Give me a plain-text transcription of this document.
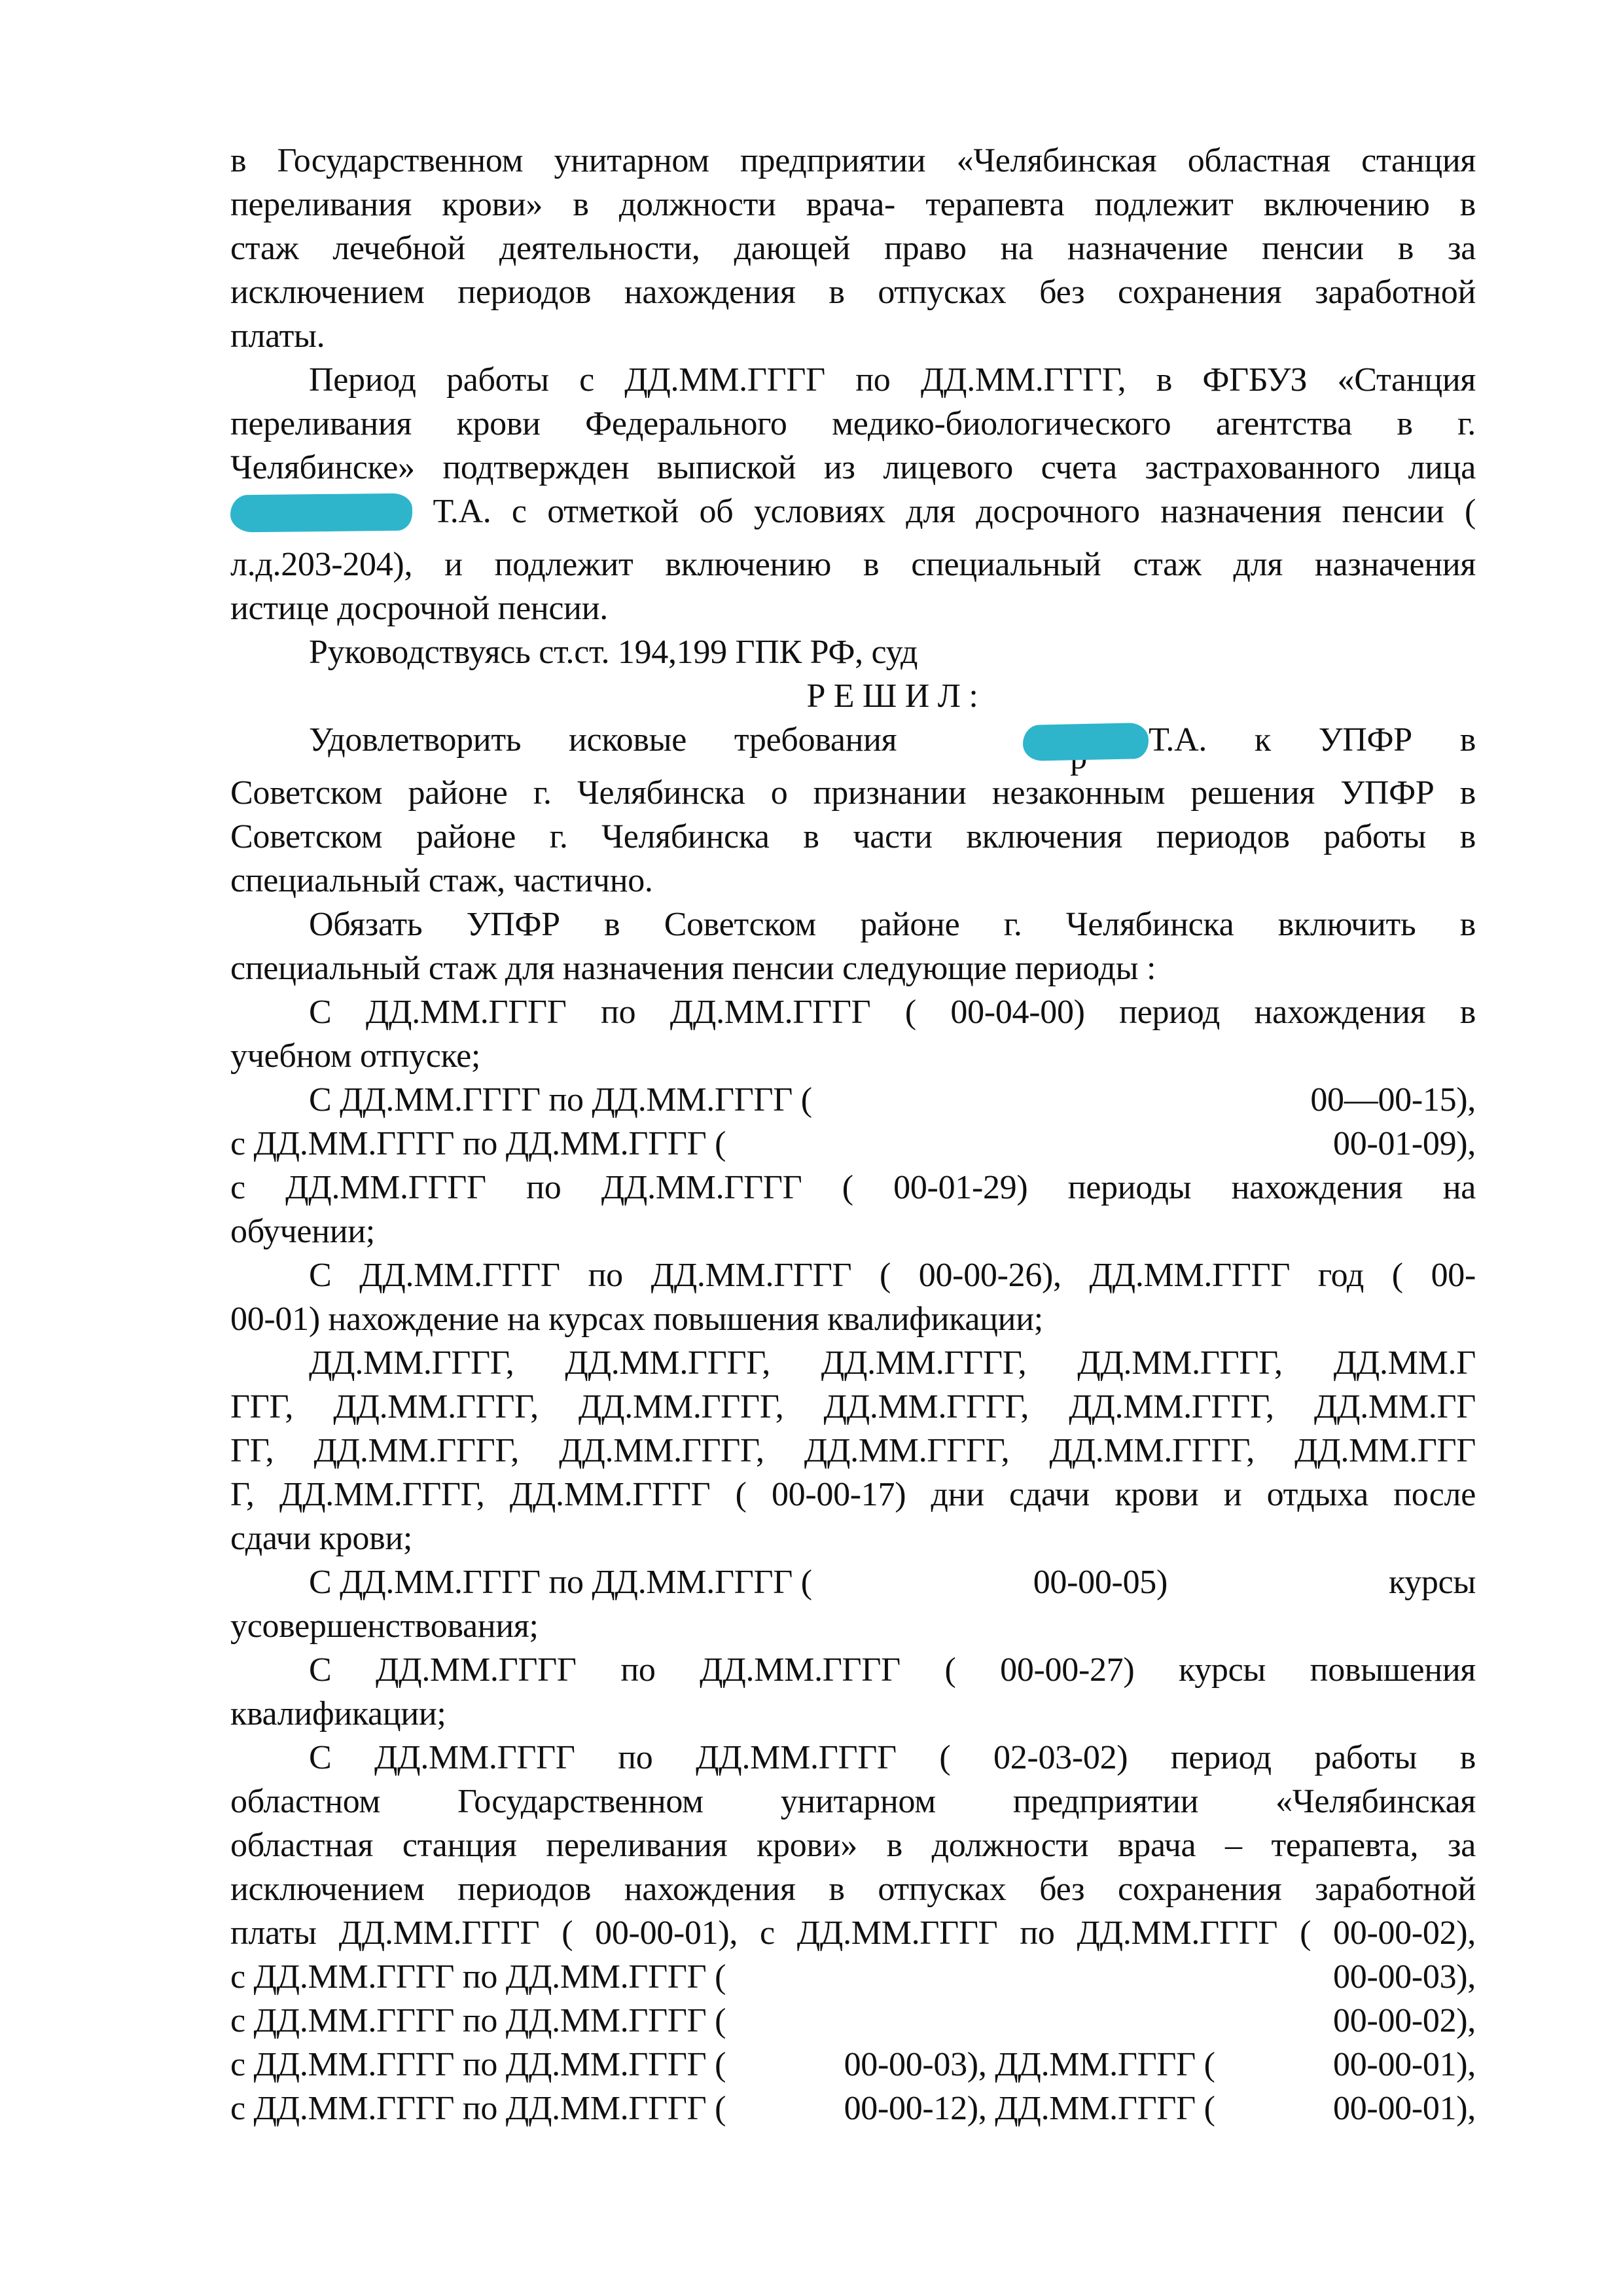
в Государственном унитарном предприятии «Челябинская областная станция
переливания крови» в должности врача- терапевта подлежит включению в
стаж лечебной деятельности, дающей право на назначение пенсии в за
исключением периодов нахождения в отпусках без сохранения заработной
платы.
Период работы с ДД.ММ.ГГГГ по ДД.ММ.ГГГГ, в ФГБУЗ «Станция
переливания крови Федерального медико-биологического агентства в г.
Челябинске» подтвержден выпиской из лицевого счета застрахованного лица
Т.А. с отметкой об условиях для досрочного назначения пенсии (
л.д.203-204), и подлежит включению в специальный стаж для назначения
истице досрочной пенсии.
Руководствуясь ст.ст. 194,199 ГПК РФ, суд
Р Е Ш И Л :
Удовлетворить исковые требования	Т.А. к УПФР в
Советском районе г. Челябинска о признании незаконным решения УПФР в
Советском районе г. Челябинска в части включения периодов работы в
специальный стаж, частично.
Обязать УПФР в Советском районе г. Челябинска включить в
специальный стаж для назначения пенсии следующие периоды :
С ДД.ММ.ГГГГ по ДД.ММ.ГГГГ ( 00-04-00) период нахождения в
учебном отпуске;
С ДД.ММ.ГГГГ по ДД.ММ.ГГГГ (	00—00-15),
с ДД.ММ.ГГГГ по ДД.ММ.ГГГГ (	00-01-09),
с ДД.ММ.ГГГГ по ДД.ММ.ГГГГ ( 00-01-29) периоды нахождения на
обучении;
С ДД.ММ.ГГГГ по ДД.ММ.ГГГГ ( 00-00-26), ДД.ММ.ГГГГ год ( 00-
00-01) нахождение на курсах повышения квалификации;
ДД.ММ.ГГГГ, ДД.ММ.ГГГГ, ДД.ММ.ГГГГ, ДД.ММ.ГГГГ, ДД.ММ.Г
ГГГ, ДД.ММ.ГГГГ, ДД.ММ.ГГГГ, ДД.ММ.ГГГГ, ДД.ММ.ГГГГ, ДД.ММ.ГГ
ГГ, ДД.ММ.ГГГГ, ДД.ММ.ГГГГ, ДД.ММ.ГГГГ, ДД.ММ.ГГГГ, ДД.ММ.ГГГ
Г, ДД.ММ.ГГГГ, ДД.ММ.ГГГГ ( 00-00-17) дни сдачи крови и отдыха после
сдачи крови;
С ДД.ММ.ГГГГ по ДД.ММ.ГГГГ (	00-00-05)	курсы
усовершенствования;
С ДД.ММ.ГГГГ по ДД.ММ.ГГГГ ( 00-00-27) курсы повышения
квалификации;
С ДД.ММ.ГГГГ по ДД.ММ.ГГГГ ( 02-03-02) период работы в
областном Государственном унитарном предприятии «Челябинская
областная станция переливания крови» в должности врача – терапевта, за
исключением периодов нахождения в отпусках без сохранения заработной
платы ДД.ММ.ГГГГ ( 00-00-01), с ДД.ММ.ГГГГ по ДД.ММ.ГГГГ ( 00-00-02),
с ДД.ММ.ГГГГ по ДД.ММ.ГГГГ (	00-00-03),
с ДД.ММ.ГГГГ по ДД.ММ.ГГГГ (	00-00-02),
с ДД.ММ.ГГГГ по ДД.ММ.ГГГГ (	00-00-03), ДД.ММ.ГГГГ (	00-00-01),
с ДД.ММ.ГГГГ по ДД.ММ.ГГГГ (	00-00-12), ДД.ММ.ГГГГ (	00-00-01),
